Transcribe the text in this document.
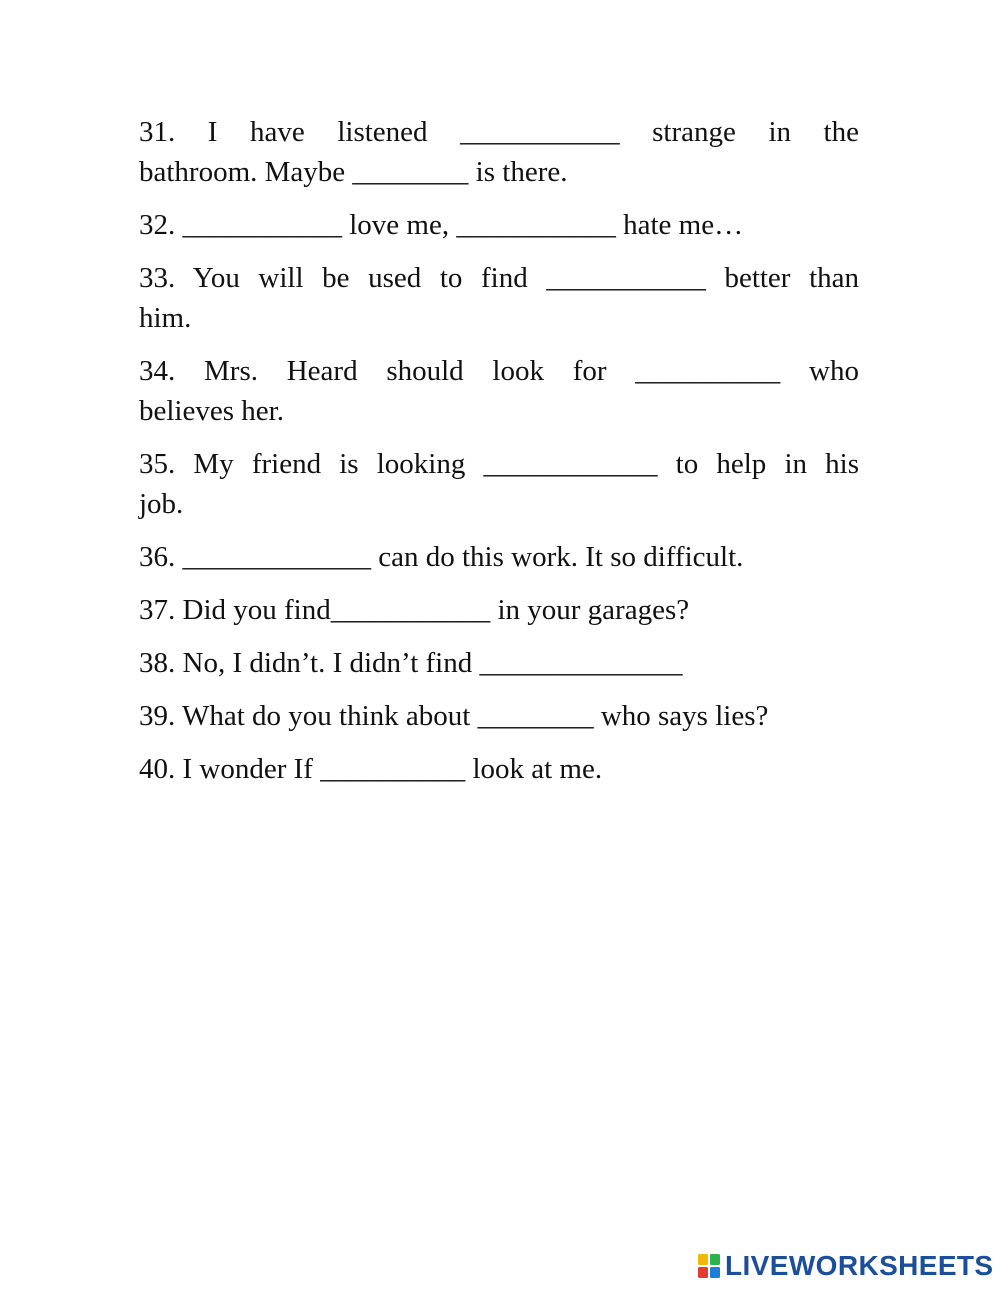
31. I have listened ___________ strange in the
bathroom. Maybe ________ is there.
32. ___________ love me, ___________ hate me…
33. You will be used to find ___________ better than
him.
34. Mrs. Heard should look for __________ who
believes her.
35. My friend is looking ____________ to help in his
job.
36. _____________ can do this work. It so difficult.
37. Did you find___________ in your garages?
38. No, I didn’t. I didn’t find ______________
39. What do you think about ________ who says lies?
40. I wonder If __________ look at me.
LIVEWORKSHEETS
